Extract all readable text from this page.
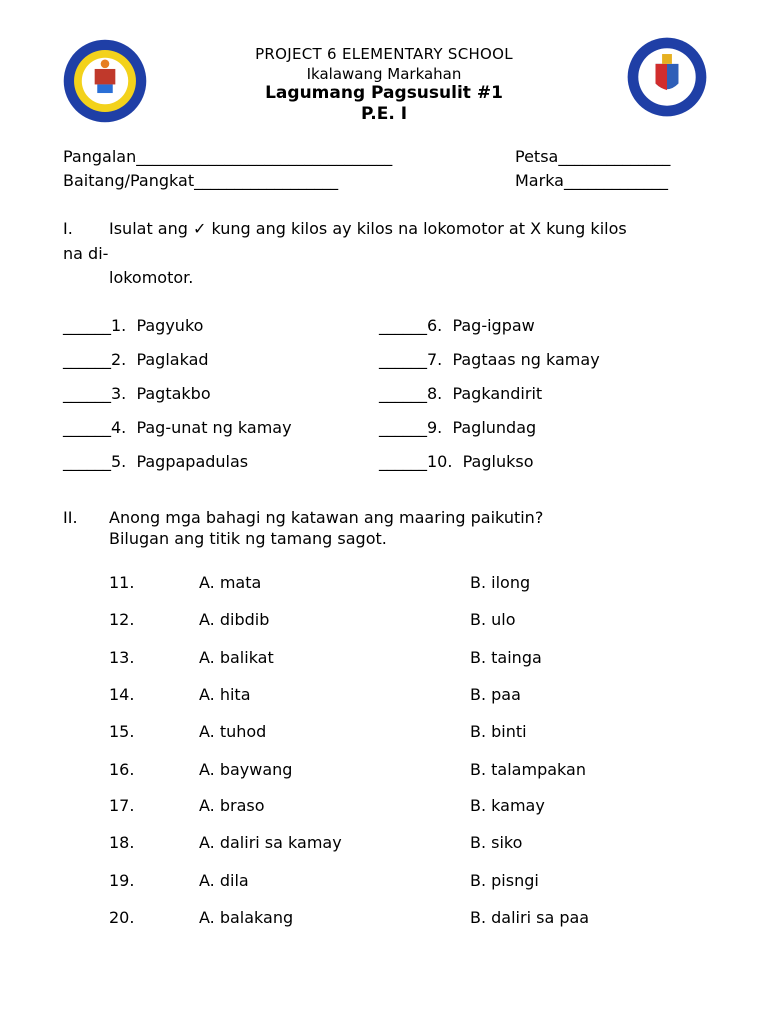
PROJECT 6 ELEMENTARY SCHOOL
Ikalawang Markahan
Lagumang Pagsusulit #1
P.E. I
Pangalan________________________________	Petsa______________
Baitang/Pangkat__________________	Marka_____________
I. Isulat ang ✓ kung ang kilos ay kilos na lokomotor at X kung kilos
na di-
lokomotor.
______1.  Pagyuko
______2.  Paglakad
______3.  Pagtakbo
______4.  Pag-unat ng kamay
______5.  Pagpapadulas
______6.  Pag-igpaw
______7.  Pagtaas ng kamay
______8.  Pagkandirit
______9.  Paglundag
______10.  Paglukso
II. Anong mga bahagi ng katawan ang maaring paikutin?
Bilugan ang titik ng tamang sagot.
11.	A. mata	B. ilong
12.	A. dibdib	B. ulo
13.	A. balikat	B. tainga
14.	A. hita	B. paa
15.	A. tuhod	B. binti
16.	A. baywang	B. talampakan
17.	A. braso	B. kamay
18.	A. daliri sa kamay	B. siko
19.	A. dila	B. pisngi
20.	A. balakang	B. daliri sa paa
